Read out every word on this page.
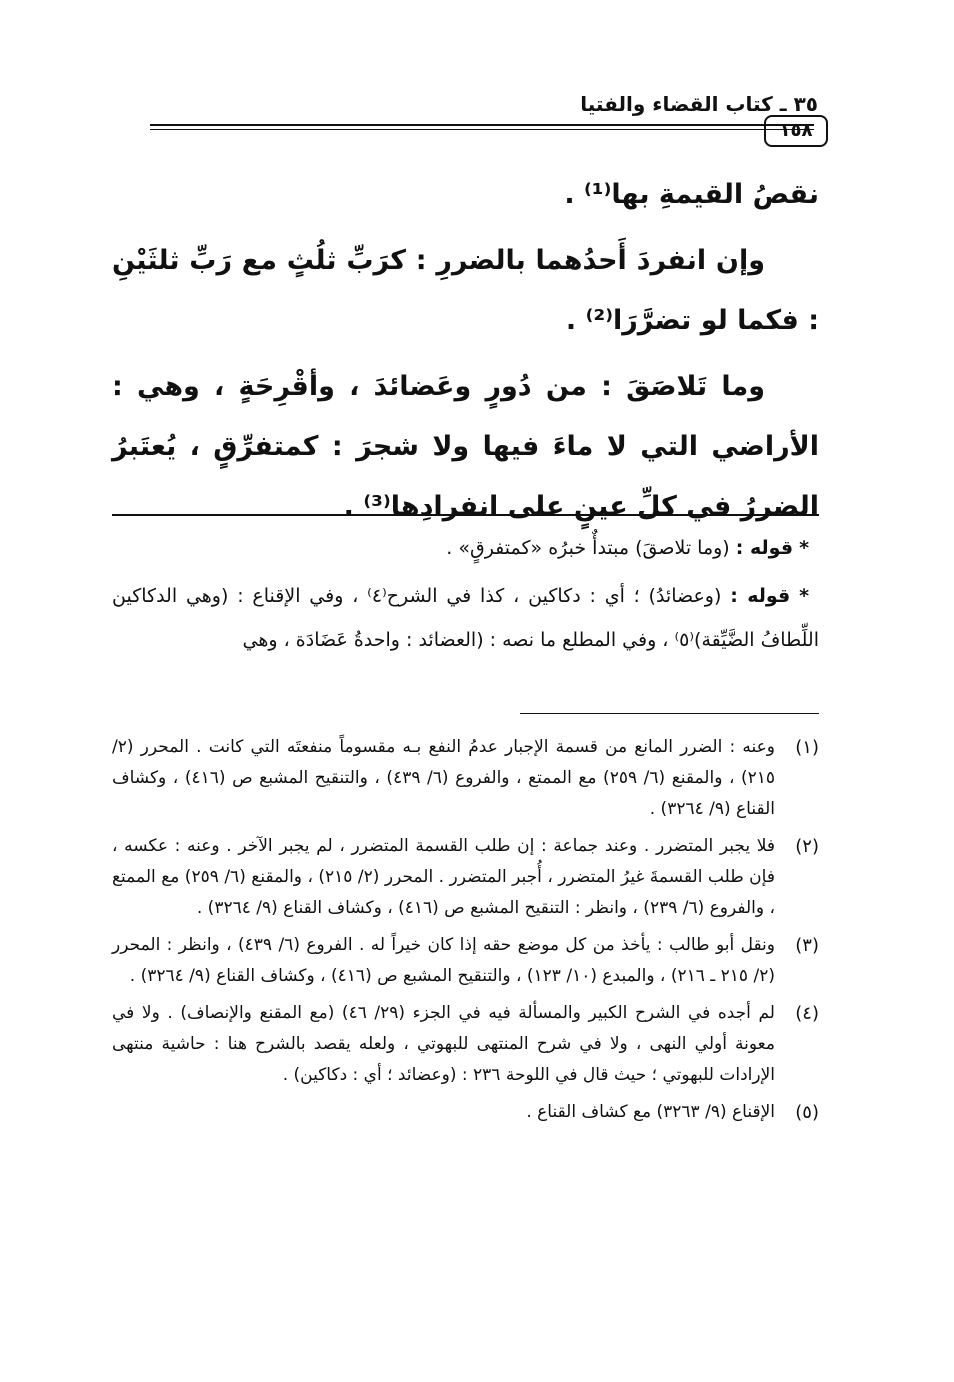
٣٥ ـ كتاب القضاء والفتيا
١٥٨

نقصُ القيمةِ بها⁽¹⁾ .

وإن انفردَ أَحدُهما بالضررِ : كرَبِّ ثلُثٍ مع رَبِّ ثلثَيْنِ : فكما لو تضرَّرَا⁽²⁾ .

وما تَلاصَقَ : من دُورٍ وعَضائدَ ، وأقْرِحَةٍ ، وهي : الأراضي التي لا ماءَ فيها ولا شجرَ : كمتفرِّقٍ ، يُعتَبرُ الضررُ في كلِّ عينٍ على انفرادِها⁽³⁾ .

* قوله : (وما تلاصقَ) مبتدأٌ خبرُه «كمتفرقٍ» .

* قوله : (وعضائدُ) ؛ أي : دكاكين ، كذا في الشرح⁽٤⁾ ، وفي الإقناع : (وهي الدكاكين اللِّطافُ الضَّيِّقة)⁽٥⁾ ، وفي المطلع ما نصه : (العضائد : واحدةُ عَضَادَة ، وهي

(١)
وعنه : الضرر المانع من قسمة الإجبار عدمُ النفع بـه مقسوماً منفعتَه التي كانت . المحرر (٢/ ٢١٥) ، والمقنع (٦/ ٢٥٩) مع الممتع ، والفروع (٦/ ٤٣٩) ، والتنقيح المشبع ص (٤١٦) ، وكشاف القناع (٩/ ٣٢٦٤) .
(٢)
فلا يجبر المتضرر . وعند جماعة : إن طلب القسمة المتضرر ، لم يجبر الآخر . وعنه : عكسه ، فإن طلب القسمةَ غيرُ المتضرر ، أُجبر المتضرر . المحرر (٢/ ٢١٥) ، والمقنع (٦/ ٢٥٩) مع الممتع ، والفروع (٦/ ٢٣٩) ، وانظر : التنقيح المشبع ص (٤١٦) ، وكشاف القناع (٩/ ٣٢٦٤) .
(٣)
ونقل أبو طالب : يأخذ من كل موضع حقه إذا كان خيراً له . الفروع (٦/ ٤٣٩) ، وانظر : المحرر (٢/ ٢١٥ ـ ٢١٦) ، والمبدع (١٠/ ١٢٣) ، والتنقيح المشبع ص (٤١٦) ، وكشاف القناع (٩/ ٣٢٦٤) .
(٤)
لم أجده في الشرح الكبير والمسألة فيه في الجزء (٢٩/ ٤٦) (مع المقنع والإنصاف) . ولا في معونة أولي النهى ، ولا في شرح المنتهى للبهوتي ، ولعله يقصد بالشرح هنا : حاشية منتهى الإرادات للبهوتي ؛ حيث قال في اللوحة ٢٣٦ : (وعضائد ؛ أي : دكاكين) .
(٥)
الإقناع (٩/ ٣٢٦٣) مع كشاف القناع .
